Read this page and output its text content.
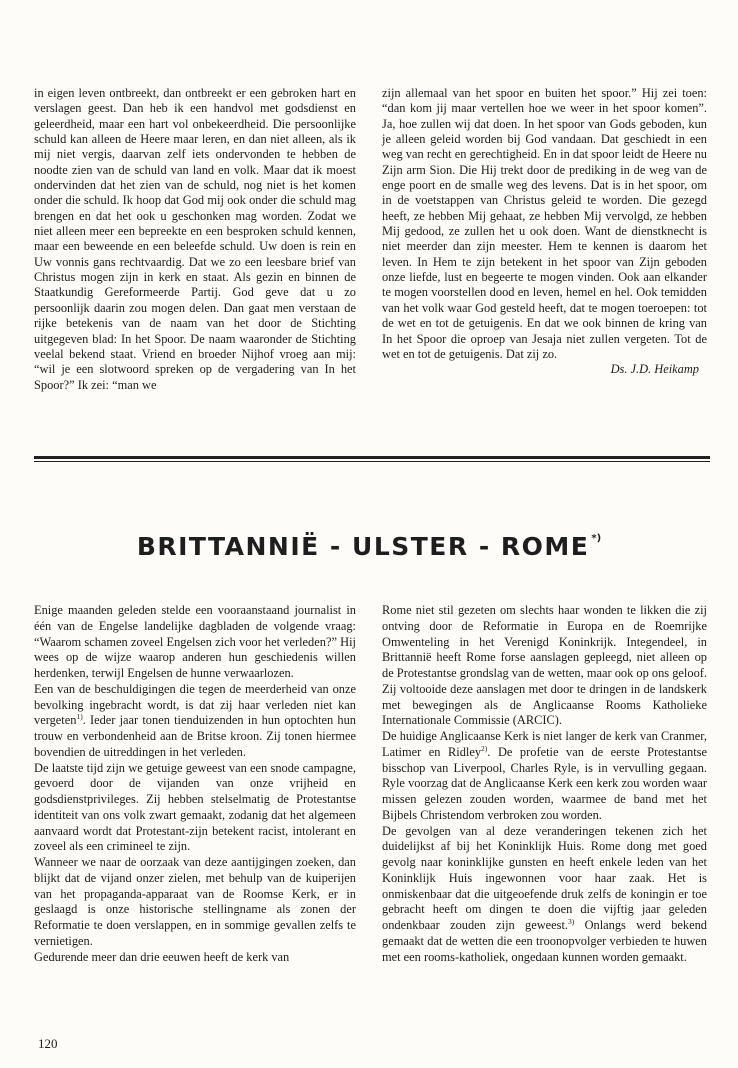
in eigen leven ontbreekt, dan ontbreekt er een gebroken hart en verslagen geest. Dan heb ik een handvol met godsdienst en geleerdheid, maar een hart vol onbekeerdheid. Die persoonlijke schuld kan alleen de Heere maar leren, en dan niet alleen, als ik mij niet vergis, daarvan zelf iets ondervonden te hebben de noodte zien van de schuld van land en volk. Maar dat ik moest ondervinden dat het zien van de schuld, nog niet is het komen onder die schuld. Ik hoop dat God mij ook onder die schuld mag brengen en dat het ook u geschonken mag worden. Zodat we niet alleen meer een bepreekte en een besproken schuld kennen, maar een beweende en een beleefde schuld. Uw doen is rein en Uw vonnis gans rechtvaardig. Dat we zo een leesbare brief van Christus mogen zijn in kerk en staat. Als gezin en binnen de Staatkundig Gereformeerde Partij. God geve dat u zo persoonlijk daarin zou mogen delen. Dan gaat men verstaan de rijke betekenis van de naam van het door de Stichting uitgegeven blad: In het Spoor. De naam waaronder de Stichting veelal bekend staat. Vriend en broeder Nijhof vroeg aan mij: “wil je een slotwoord spreken op de vergadering van In het Spoor?” Ik zei: “man we

zijn allemaal van het spoor en buiten het spoor.” Hij zei toen: “dan kom jij maar vertellen hoe we weer in het spoor komen”. Ja, hoe zullen wij dat doen. In het spoor van Gods geboden, kun je alleen geleid worden bij God vandaan. Dat geschiedt in een weg van recht en gerechtigheid. En in dat spoor leidt de Heere nu Zijn arm Sion. Die Hij trekt door de prediking in de weg van de enge poort en de smalle weg des levens. Dat is in het spoor, om in de voetstappen van Christus geleid te worden. Die gezegd heeft, ze hebben Mij gehaat, ze hebben Mij vervolgd, ze hebben Mij gedood, ze zullen het u ook doen. Want de dienstknecht is niet meerder dan zijn meester. Hem te kennen is daarom het leven. In Hem te zijn betekent in het spoor van Zijn geboden onze liefde, lust en begeerte te mogen vinden. Ook aan elkander te mogen voorstellen dood en leven, hemel en hel. Ook temidden van het volk waar God gesteld heeft, dat te mogen toeroepen: tot de wet en tot de getuigenis. En dat we ook binnen de kring van In het Spoor die oproep van Jesaja niet zullen vergeten. Tot de wet en tot de getuigenis. Dat zij zo.

Ds. J.D. Heikamp

BRITTANNIË - ULSTER - ROME *)

Enige maanden geleden stelde een vooraanstaand journalist in één van de Engelse landelijke dagbladen de volgende vraag: “Waarom schamen zoveel Engelsen zich voor het verleden?” Hij wees op de wijze waarop anderen hun geschiedenis willen herdenken, terwijl Engelsen de hunne verwaarlozen.

Een van de beschuldigingen die tegen de meerderheid van onze bevolking ingebracht wordt, is dat zij haar verleden niet kan vergeten$^{1)}$. Ieder jaar tonen tienduizenden in hun optochten hun trouw en verbondenheid aan de Britse kroon. Zij tonen hiermee bovendien de uitreddingen in het verleden.

De laatste tijd zijn we getuige geweest van een snode campagne, gevoerd door de vijanden van onze vrijheid en godsdienstprivileges. Zij hebben stelselmatig de Protestantse identiteit van ons volk zwart gemaakt, zodanig dat het algemeen aanvaard wordt dat Protestant-zijn betekent racist, intolerant en zoveel als een crimineel te zijn.

Wanneer we naar de oorzaak van deze aantijgingen zoeken, dan blijkt dat de vijand onzer zielen, met behulp van de kuiperijen van het propaganda-apparaat van de Roomse Kerk, er in geslaagd is onze historische stellingname als zonen der Reformatie te doen verslappen, en in sommige gevallen zelfs te vernietigen.

Gedurende meer dan drie eeuwen heeft de kerk van

Rome niet stil gezeten om slechts haar wonden te likken die zij ontving door de Reformatie in Europa en de Roemrijke Omwenteling in het Verenigd Koninkrijk. Integendeel, in Brittannië heeft Rome forse aanslagen gepleegd, niet alleen op de Protestantse grondslag van de wetten, maar ook op ons geloof. Zij voltooide deze aanslagen met door te dringen in de landskerk met bewegingen als de Anglicaanse Rooms Katholieke Internationale Commissie (ARCIC).

De huidige Anglicaanse Kerk is niet langer de kerk van Cranmer, Latimer en Ridley$^{2)}$. De profetie van de eerste Protestantse bisschop van Liverpool, Charles Ryle, is in vervulling gegaan. Ryle voorzag dat de Anglicaanse Kerk een kerk zou worden waar missen gelezen zouden worden, waarmee de band met het Bijbels Christendom verbroken zou worden.

De gevolgen van al deze veranderingen tekenen zich het duidelijkst af bij het Koninklijk Huis. Rome dong met goed gevolg naar koninklijke gunsten en heeft enkele leden van het Koninklijk Huis ingewonnen voor haar zaak. Het is onmiskenbaar dat die uitgeoefende druk zelfs de koningin er toe gebracht heeft om dingen te doen die vijftig jaar geleden ondenkbaar zouden zijn geweest.$^{3)}$ Onlangs werd bekend gemaakt dat de wetten die een troonopvolger verbieden te huwen met een rooms-katholiek, ongedaan kunnen worden gemaakt.

120
